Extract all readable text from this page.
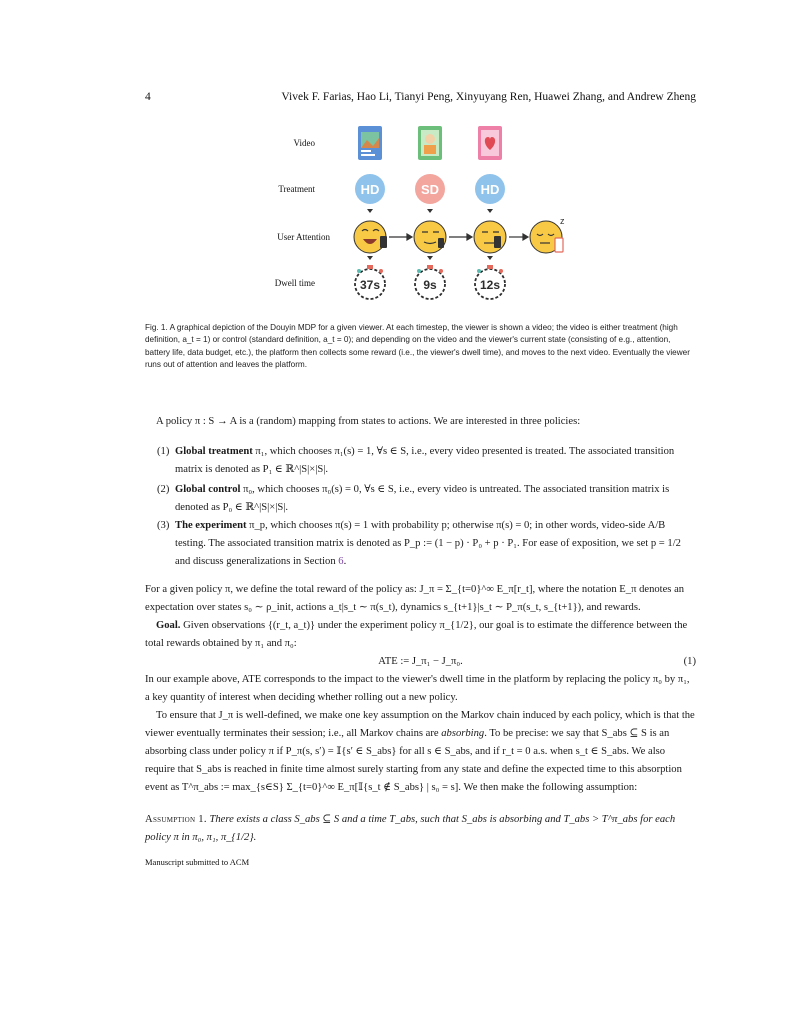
4	Vivek F. Farias, Hao Li, Tianyi Peng, Xinyuyang Ren, Huawei Zhang, and Andrew Zheng
Video
Treatment
User Attention
Dwell time
HD	SD	HD
z
37s	9s	12s
Fig. 1. A graphical depiction of the Douyin MDP for a given viewer. At each timestep, the viewer is shown a video; the video is either treatment (high definition, a_t = 1) or control (standard definition, a_t = 0); and depending on the video and the viewer's current state (consisting of e.g., attention, battery life, data budget, etc.), the platform then collects some reward (i.e., the viewer's dwell time), and moves to the next video. Eventually the viewer runs out of attention and leaves the platform.
A policy π : S → A is a (random) mapping from states to actions. We are interested in three policies:
(1) Global treatment π₁, which chooses π₁(s) = 1, ∀s ∈ S, i.e., every video presented is treated. The associated transition matrix is denoted as P₁ ∈ ℝ^|S|×|S|.
(2) Global control π₀, which chooses π₀(s) = 0, ∀s ∈ S, i.e., every video is untreated. The associated transition matrix is denoted as P₀ ∈ ℝ^|S|×|S|.
(3) The experiment π_p, which chooses π(s) = 1 with probability p; otherwise π(s) = 0; in other words, video-side A/B testing. The associated transition matrix is denoted as P_p := (1 − p) · P₀ + p · P₁. For ease of exposition, we set p = 1/2 and discuss generalizations in Section 6.
For a given policy π, we define the total reward of the policy as: J_π = Σ_{t=0}^∞ E_π[r_t], where the notation E_π denotes an expectation over states s₀ ∼ ρ_init, actions a_t|s_t ∼ π(s_t), dynamics s_{t+1}|s_t ∼ P_π(s_t, s_{t+1}), and rewards.
Goal. Given observations {(r_t, a_t)} under the experiment policy π_{1/2}, our goal is to estimate the difference between the total rewards obtained by π₁ and π₀:
ATE := J_π₁ − J_π₀.	(1)
In our example above, ATE corresponds to the impact to the viewer's dwell time in the platform by replacing the policy π₀ by π₁, a key quantity of interest when deciding whether rolling out a new policy.
To ensure that J_π is well-defined, we make one key assumption on the Markov chain induced by each policy, which is that the viewer eventually terminates their session; i.e., all Markov chains are absorbing. To be precise: we say that S_abs ⊆ S is an absorbing class under policy π if P_π(s, s′) = 𝕀{s′ ∈ S_abs} for all s ∈ S_abs, and if r_t = 0 a.s. when s_t ∈ S_abs. We also require that S_abs is reached in finite time almost surely starting from any state and define the expected time to this absorption event as T^π_abs := max_{s∈S} Σ_{t=0}^∞ E_π[𝕀{s_t ∉ S_abs} | s₀ = s]. We then make the following assumption:
Assumption 1. There exists a class S_abs ⊆ S and a time T_abs, such that S_abs is absorbing and T_abs > T^π_abs for each policy π in π₀, π₁, π_{1/2}.
Manuscript submitted to ACM
